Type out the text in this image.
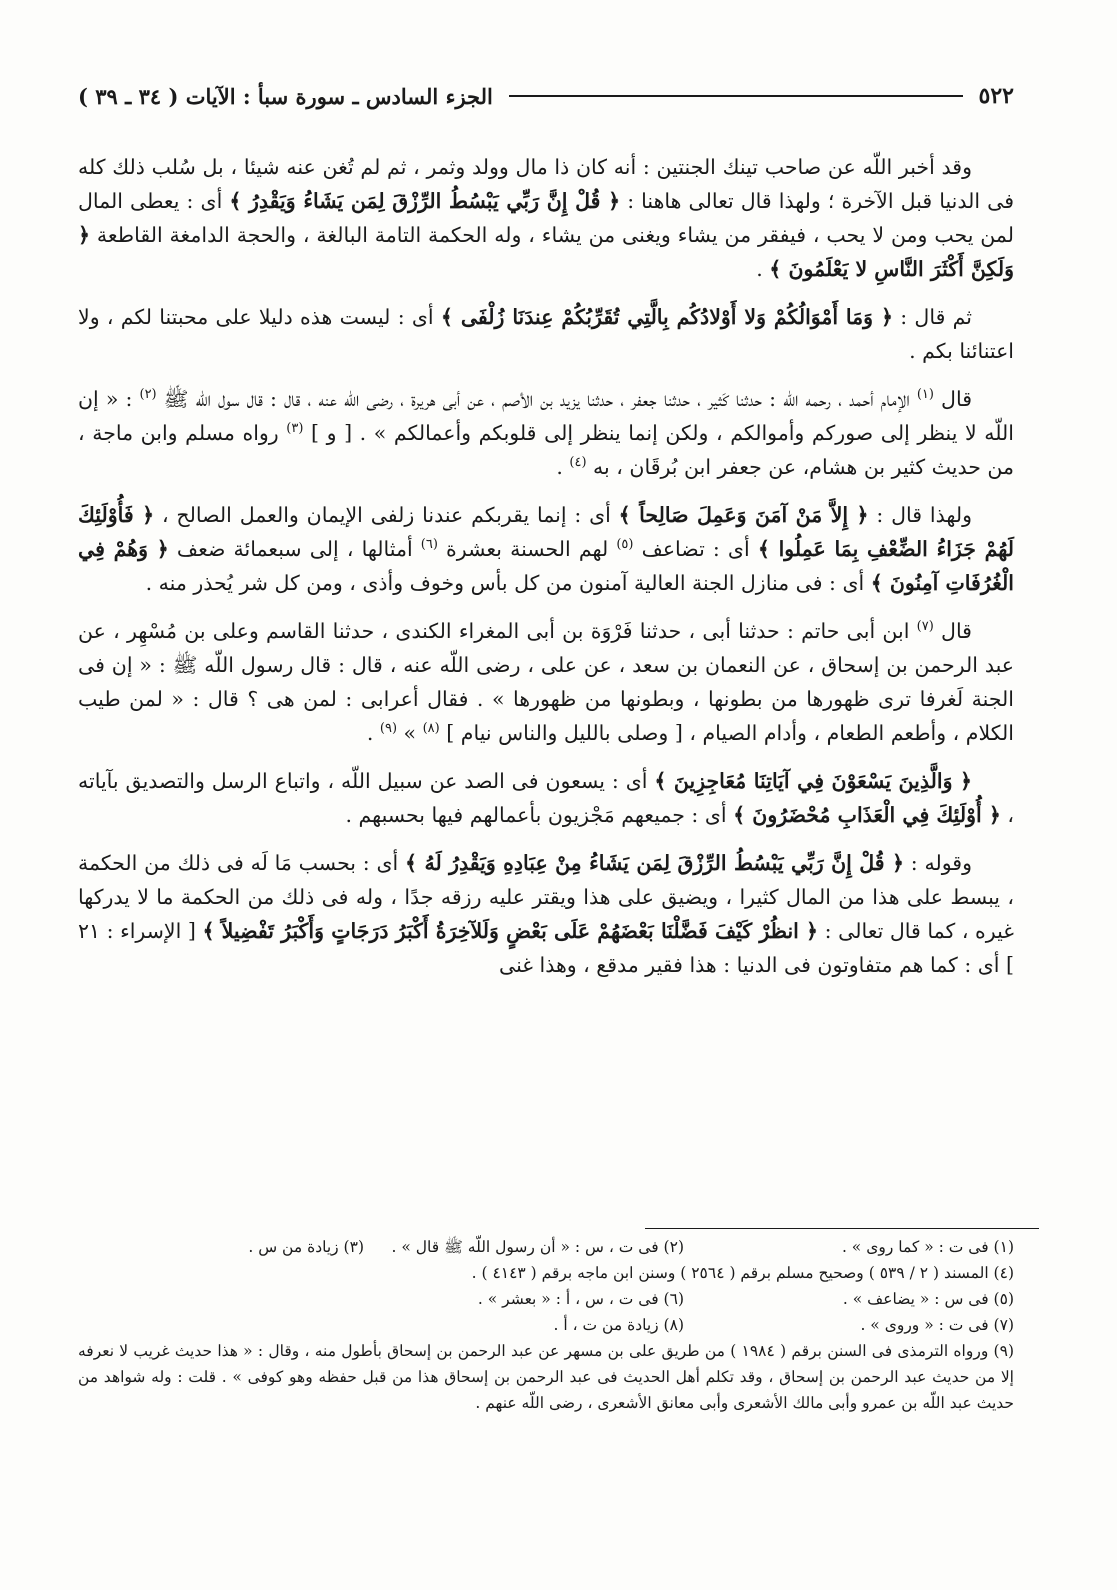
٥٢٢
الجزء السادس ـ سورة سبأ : الآيات ( ٣٤ ـ ٣٩ )

وقد أخبر اللّه عن صاحب تينك الجنتين : أنه كان ذا مال وولد وثمر ، ثم لم تُغن عنه شيئا ، بل سُلب ذلك كله فى الدنيا قبل الآخرة ؛ ولهذا قال تعالى هاهنا : ﴿ قُلْ إِنَّ رَبِّي يَبْسُطُ الرِّزْقَ لِمَن يَشَاءُ وَيَقْدِرُ ﴾ أى : يعطى المال لمن يحب ومن لا يحب ، فيفقر من يشاء ويغنى من يشاء ، وله الحكمة التامة البالغة ، والحجة الدامغة القاطعة ﴿ وَلَكِنَّ أَكْثَرَ النَّاسِ لا يَعْلَمُونَ ﴾ .

ثم قال : ﴿ وَمَا أَمْوَالُكُمْ وَلا أَوْلادُكُم بِالَّتِي تُقَرِّبُكُمْ عِندَنَا زُلْفَى ﴾ أى : ليست هذه دليلا على محبتنا لكم ، ولا اعتنائنا بكم .

قال $^{(١)}$ الإمام أحمد ، رحمه اللّه : حدثنا كَثير ، حدثنا جعفر ، حدثنا يزيد بن الأصم ، عن أبى هريرة ، رضى اللّه عنه ، قال : قال سول اللّه ﷺ $^{(٢)}$ : « إن اللّه لا ينظر إلى صوركم وأموالكم ، ولكن إنما ينظر إلى قلوبكم وأعمالكم » . [ و ] $^{(٣)}$ رواه مسلم وابن ماجة ، من حديث كثير بن هشام، عن جعفر ابن بُرقَان ، به $^{(٤)}$ .

ولهذا قال : ﴿ إِلاَّ مَنْ آمَنَ وَعَمِلَ صَالِحاً ﴾ أى : إنما يقربكم عندنا زلفى الإيمان والعمل الصالح ، ﴿ فَأُوْلَئِكَ لَهُمْ جَزَاءُ الضِّعْفِ بِمَا عَمِلُوا ﴾ أى : تضاعف $^{(٥)}$ لهم الحسنة بعشرة $^{(٦)}$ أمثالها ، إلى سبعمائة ضعف ﴿ وَهُمْ فِي الْغُرُفَاتِ آمِنُونَ ﴾ أى : فى منازل الجنة العالية آمنون من كل بأس وخوف وأذى ، ومن كل شر يُحذر منه .

قال $^{(٧)}$ ابن أبى حاتم : حدثنا أبى ، حدثنا فَرْوَة بن أبى المغراء الكندى ، حدثنا القاسم وعلى بن مُسْهِر ، عن عبد الرحمن بن إسحاق ، عن النعمان بن سعد ، عن على ، رضى اللّه عنه ، قال : قال رسول اللّه ﷺ : « إن فى الجنة لَغرفا ترى ظهورها من بطونها ، وبطونها من ظهورها » . فقال أعرابى : لمن هى ؟ قال : « لمن طيب الكلام ، وأطعم الطعام ، وأدام الصيام ، [ وصلى بالليل والناس نيام ] $^{(٨)}$ » $^{(٩)}$ .

﴿ وَالَّذِينَ يَسْعَوْنَ فِي آيَاتِنَا مُعَاجِزِينَ ﴾ أى : يسعون فى الصد عن سبيل اللّه ، واتباع الرسل والتصديق بآياته ، ﴿ أُوْلَئِكَ فِي الْعَذَابِ مُحْضَرُونَ ﴾ أى : جميعهم مَجْزيون بأعمالهم فيها بحسبهم .

وقوله : ﴿ قُلْ إِنَّ رَبِّي يَبْسُطُ الرِّزْقَ لِمَن يَشَاءُ مِنْ عِبَادِهِ وَيَقْدِرُ لَهُ ﴾ أى : بحسب مَا لَه فى ذلك من الحكمة ، يبسط على هذا من المال كثيرا ، ويضيق على هذا ويقتر عليه رزقه جدًا ، وله فى ذلك من الحكمة ما لا يدركها غيره ، كما قال تعالى : ﴿ انظُرْ كَيْفَ فَضَّلْنَا بَعْضَهُمْ عَلَى بَعْضٍ وَلَلآخِرَةُ أَكْبَرُ دَرَجَاتٍ وَأَكْبَرُ تَفْضِيلاً ﴾ [ الإسراء : ٢١ ] أى : كما هم متفاوتون فى الدنيا : هذا فقير مدقع ، وهذا غنى

(١) فى ت : « كما روى » .
(٢) فى ت ، س : « أن رسول اللّه ﷺ قال » .
(٣) زيادة من س .
(٤) المسند ( ٢ / ٥٣٩ ) وصحيح مسلم برقم ( ٢٥٦٤ ) وسنن ابن ماجه برقم ( ٤١٤٣ ) .
(٥) فى س : « يضاعف » .
(٦) فى ت ، س ، أ : « بعشر » .
(٧) فى ت : « وروى » .
(٨) زيادة من ت ، أ .
(٩) ورواه الترمذى فى السنن برقم ( ١٩٨٤ ) من طريق على بن مسهر عن عبد الرحمن بن إسحاق بأطول منه ، وقال : « هذا حديث غريب لا نعرفه إلا من حديث عبد الرحمن بن إسحاق ، وقد تكلم أهل الحديث فى عبد الرحمن بن إسحاق هذا من قبل حفظه وهو كوفى » . قلت : وله شواهد من حديث عبد اللّه بن عمرو وأبى مالك الأشعرى وأبى معانق الأشعرى ، رضى اللّه عنهم .
